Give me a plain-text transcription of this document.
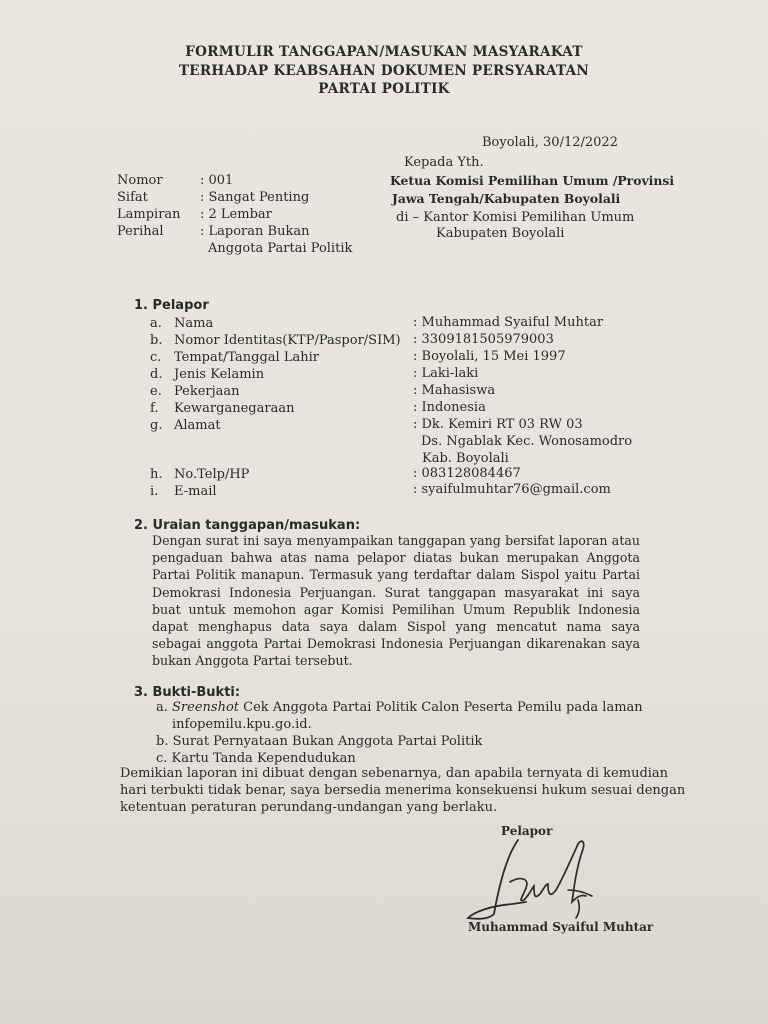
FORMULIR TANGGAPAN/MASUKAN MASYARAKAT
TERHADAP KEABSAHAN DOKUMEN PERSYARATAN
PARTAI POLITIK
Boyolali, 30/12/2022
Kepada Yth.
Ketua Komisi Pemilihan Umum /Provinsi
Jawa Tengah/Kabupaten Boyolali
di – Kantor Komisi Pemilihan Umum
Kabupaten Boyolali
Nomor	: 001
Sifat	: Sangat Penting
Lampiran : 2 Lembar
Perihal	: Laporan Bukan
Anggota Partai Politik
1. Pelapor
a. Nama	: Muhammad Syaiful Muhtar
b. Nomor Identitas(KTP/Paspor/SIM) : 3309181505979003
c. Tempat/Tanggal Lahir	: Boyolali, 15 Mei 1997
d. Jenis Kelamin	: Laki-laki
e. Pekerjaan	: Mahasiswa
f. Kewarganegaraan	: Indonesia
g. Alamat	: Dk. Kemiri RT 03 RW 03
Ds. Ngablak Kec. Wonosamodro
Kab. Boyolali
h. No.Telp/HP	: 083128084467
i. E-mail	: syaifulmuhtar76@gmail.com
2. Uraian tanggapan/masukan:
Dengan surat ini saya menyampaikan tanggapan yang bersifat laporan atau pengaduan bahwa atas nama pelapor diatas bukan merupakan Anggota Partai Politik manapun. Termasuk yang terdaftar dalam Sispol yaitu Partai Demokrasi Indonesia Perjuangan. Surat tanggapan masyarakat ini saya buat untuk memohon agar Komisi Pemilihan Umum Republik Indonesia dapat menghapus data saya dalam Sispol yang mencatut nama saya sebagai anggota Partai Demokrasi Indonesia Perjuangan dikarenakan saya bukan Anggota Partai tersebut.
3. Bukti-Bukti:
a. Sreenshot Cek Anggota Partai Politik Calon Peserta Pemilu pada laman
infopemilu.kpu.go.id.
b. Surat Pernyataan Bukan Anggota Partai Politik
c. Kartu Tanda Kependudukan
Demikian laporan ini dibuat dengan sebenarnya, dan apabila ternyata di kemudian
hari terbukti tidak benar, saya bersedia menerima konsekuensi hukum sesuai dengan
ketentuan peraturan perundang-undangan yang berlaku.
Pelapor
Muhammad Syaiful Muhtar
